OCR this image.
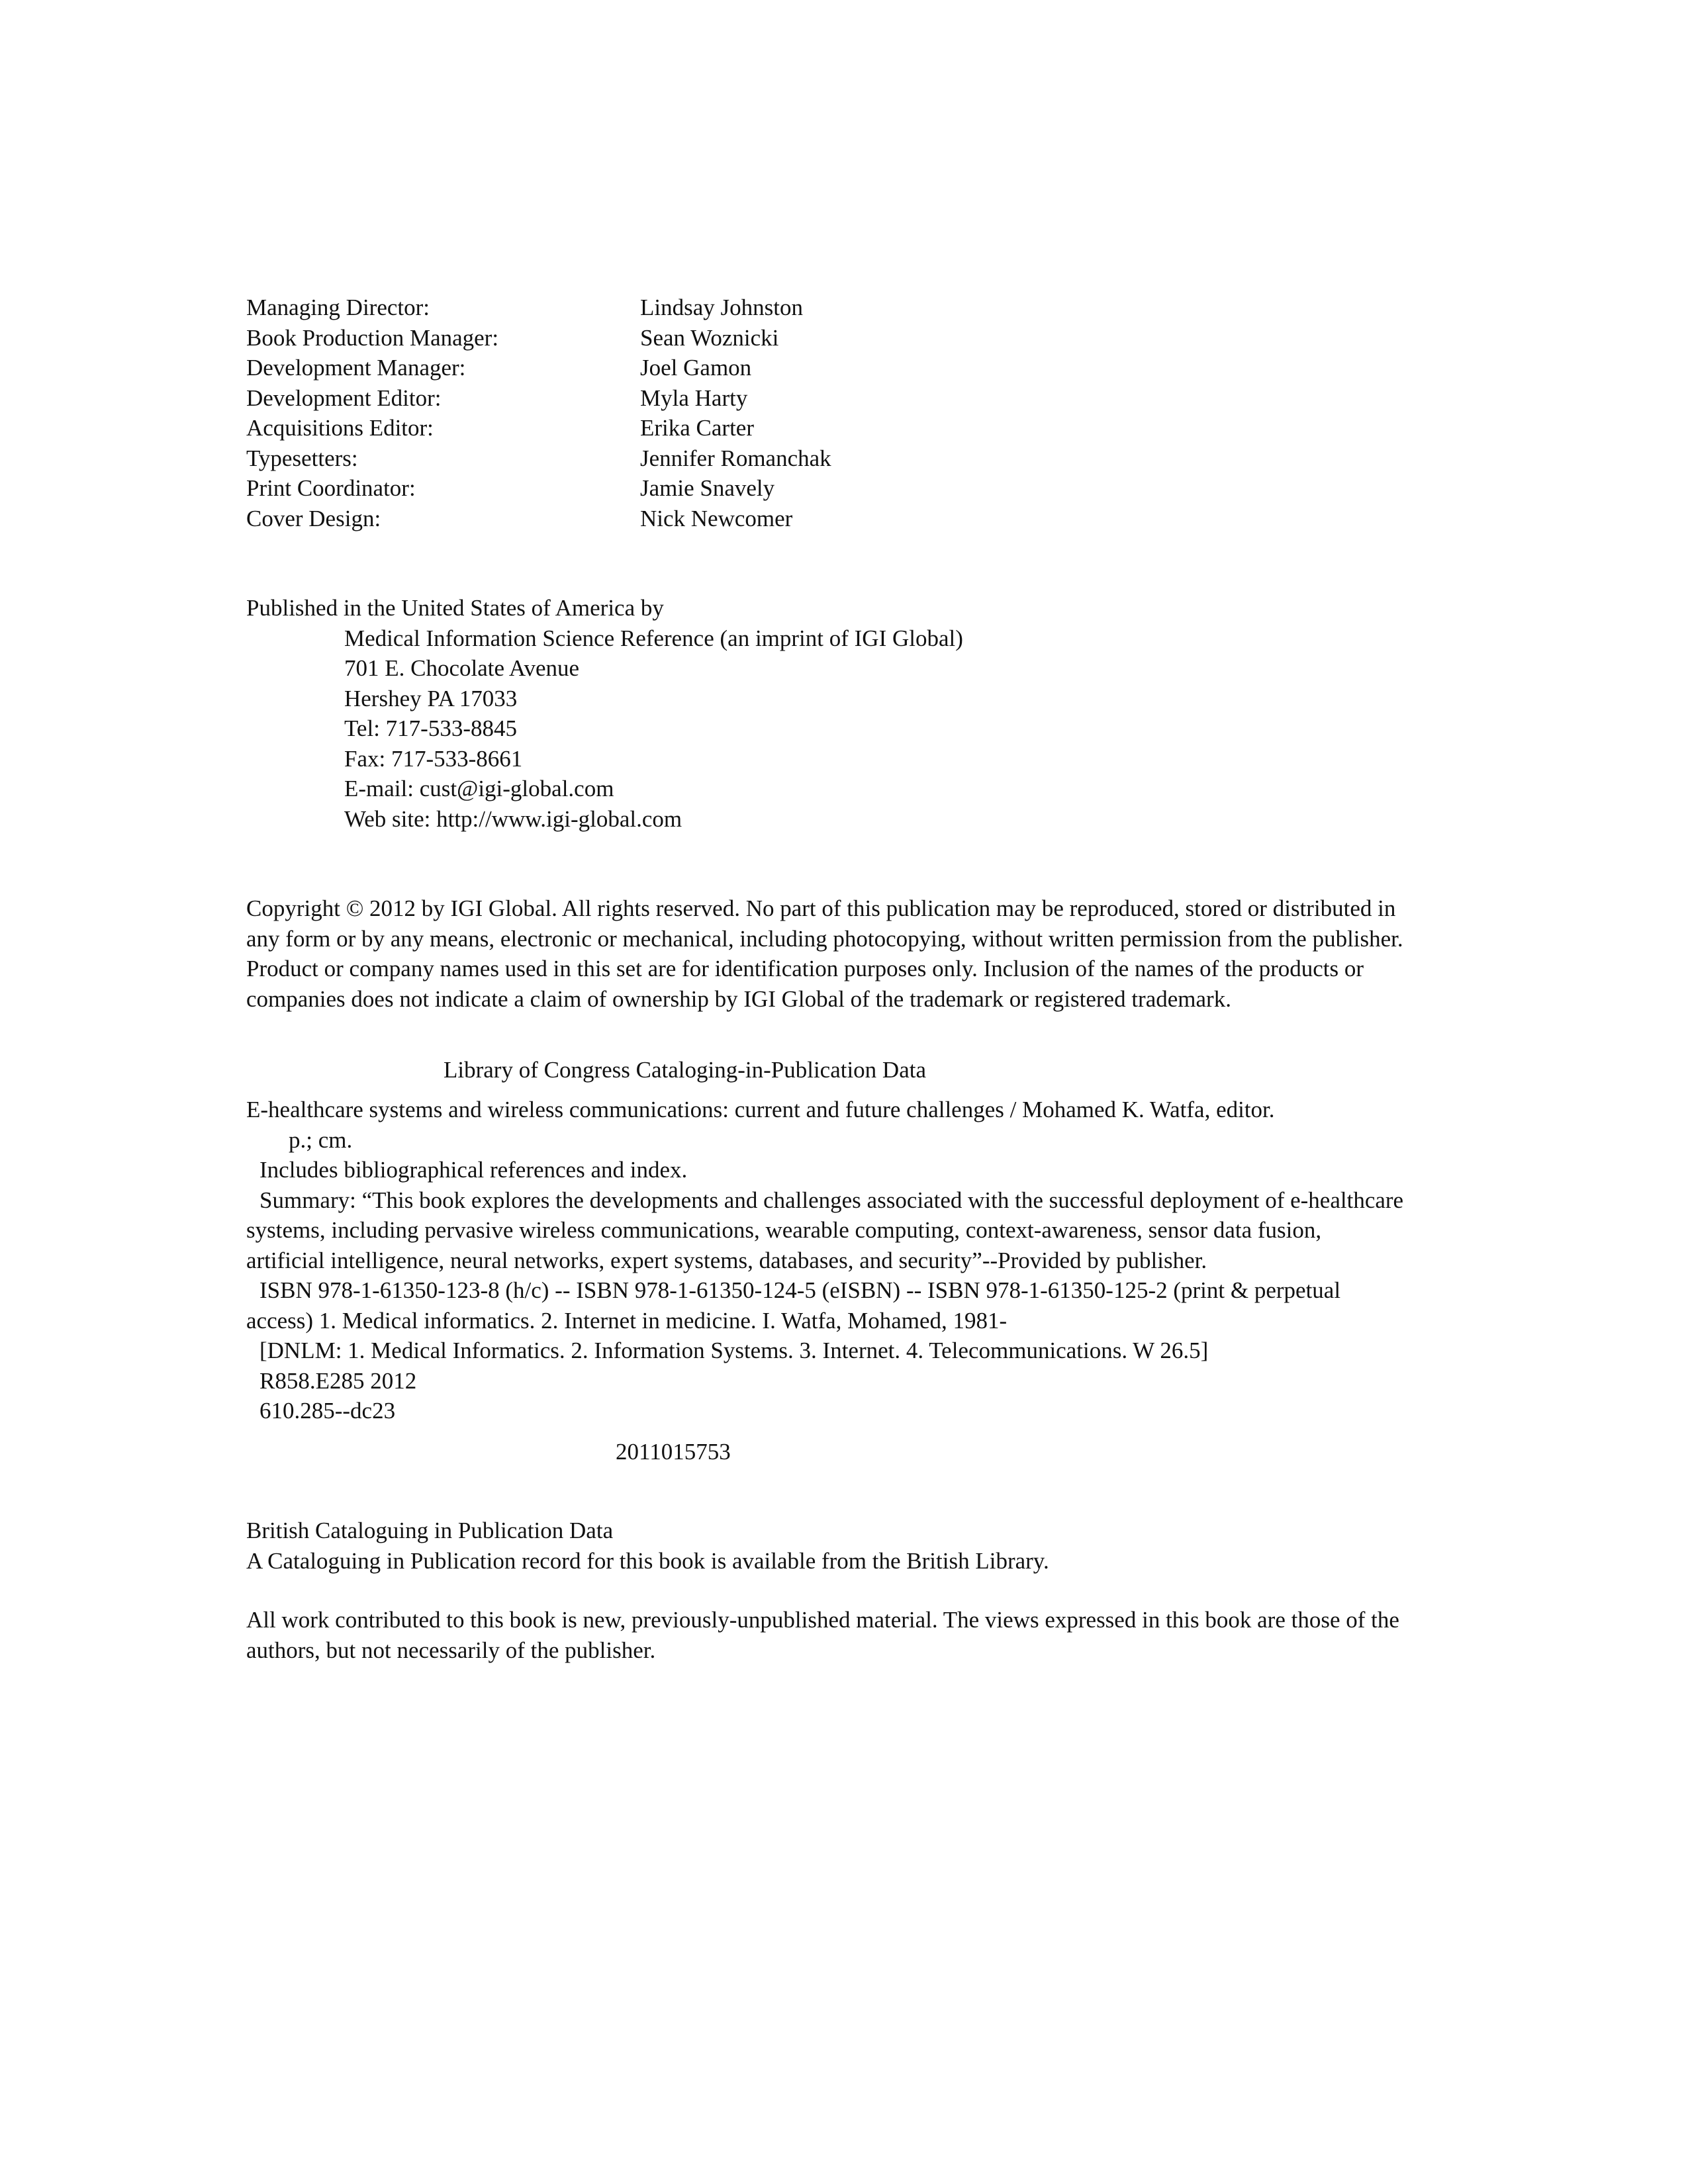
Managing Director:	Lindsay Johnston
Book Production Manager:	Sean Woznicki
Development Manager:	Joel Gamon
Development Editor:	Myla Harty
Acquisitions Editor:	Erika Carter
Typesetters:	Jennifer Romanchak
Print Coordinator:	Jamie Snavely
Cover Design:	Nick Newcomer
Published in the United States of America by
Medical Information Science Reference (an imprint of IGI Global)
701 E. Chocolate Avenue
Hershey PA 17033
Tel: 717-533-8845
Fax: 717-533-8661
E-mail: cust@igi-global.com
Web site: http://www.igi-global.com
Copyright © 2012 by IGI Global. All rights reserved. No part of this publication may be reproduced, stored or distributed in
any form or by any means, electronic or mechanical, including photocopying, without written permission from the publisher.
Product or company names used in this set are for identification purposes only. Inclusion of the names of the products or
companies does not indicate a claim of ownership by IGI Global of the trademark or registered trademark.
Library of Congress Cataloging-in-Publication Data
E-healthcare systems and wireless communications: current and future challenges / Mohamed K. Watfa, editor.
p.; cm.
Includes bibliographical references and index.
Summary: “This book explores the developments and challenges associated with the successful deployment of e-healthcare
systems, including pervasive wireless communications, wearable computing, context-awareness, sensor data fusion,
artificial intelligence, neural networks, expert systems, databases, and security”--Provided by publisher.
ISBN 978-1-61350-123-8 (h/c) -- ISBN 978-1-61350-124-5 (eISBN) -- ISBN 978-1-61350-125-2 (print & perpetual
access) 1. Medical informatics. 2. Internet in medicine. I. Watfa, Mohamed, 1981-
[DNLM: 1. Medical Informatics. 2. Information Systems. 3. Internet. 4. Telecommunications. W 26.5]
R858.E285 2012
610.285--dc23
2011015753
British Cataloguing in Publication Data
A Cataloguing in Publication record for this book is available from the British Library.
All work contributed to this book is new, previously-unpublished material. The views expressed in this book are those of the
authors, but not necessarily of the publisher.
